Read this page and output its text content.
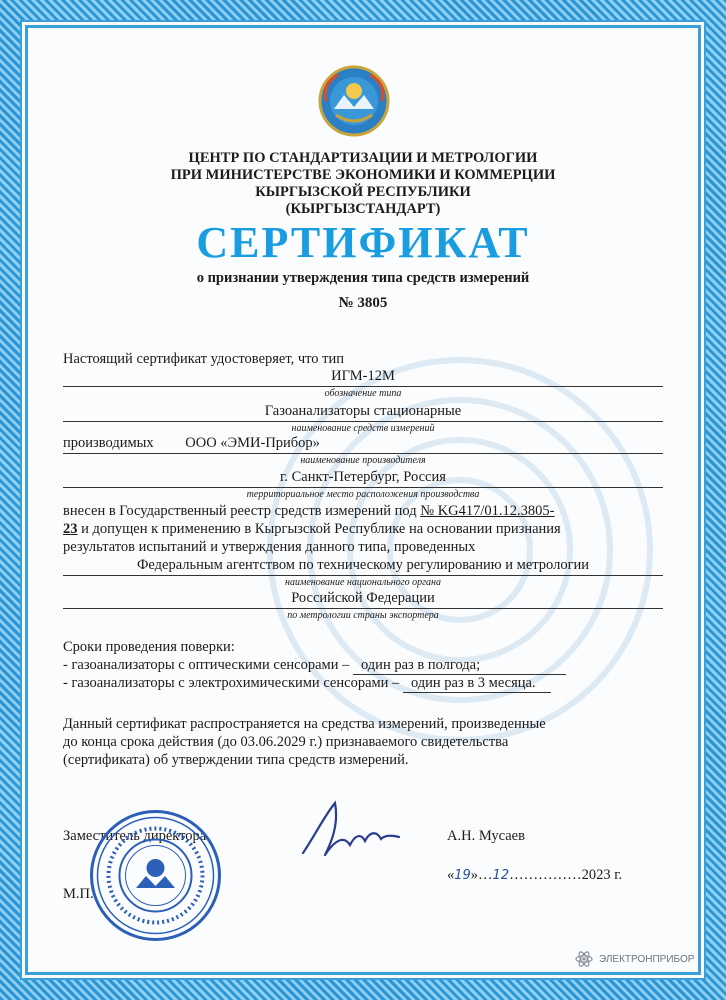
ЦЕНТР ПО СТАНДАРТИЗАЦИИ И МЕТРОЛОГИИ
ПРИ МИНИСТЕРСТВЕ ЭКОНОМИКИ И КОММЕРЦИИ
КЫРГЫЗСКОЙ РЕСПУБЛИКИ
(КЫРГЫЗСТАНДАРТ)
СЕРТИФИКАТ
о признании утверждения типа средств измерений
№ 3805
Настоящий сертификат удостоверяет, что тип
ИГМ-12М
обозначение типа
Газоанализаторы стационарные
наименование средств измерений
производимых ООО «ЭМИ-Прибор»
наименование производителя
г. Санкт-Петербург, Россия
территориальное место расположения производства
внесен в Государственный реестр средств измерений под № KG417/01.12.3805-
23 и допущен к применению в Кыргызской Республике на основании признания
результатов испытаний и утверждения данного типа, проведенных
Федеральным агентством по техническому регулированию и метрологии
наименование национального органа
Российской Федерации
по метрологии страны экспортера
Сроки проведения поверки:
- газоанализаторы с оптическими сенсорами – один раз в полгода;
- газоанализаторы с электрохимическими сенсорами – один раз в 3 месяца.
Данный сертификат распространяется на средства измерений, произведенные
до конца срока действия (до 03.06.2029 г.) признаваемого свидетельства
(сертификата) об утверждении типа средств измерений.
Заместитель директора	А.Н. Мусаев
М.П.
«19»…12……………2023 г.
ЭЛЕКТРОНПРИБОР
